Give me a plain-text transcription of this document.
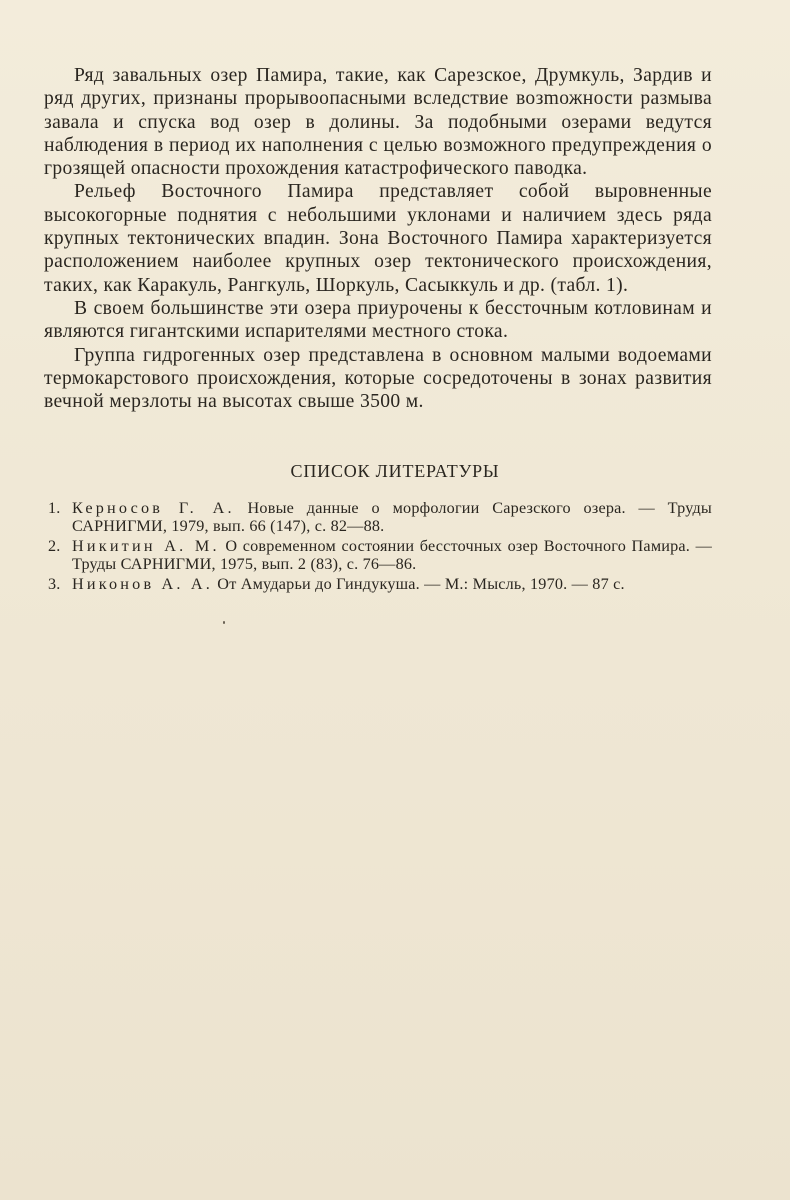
Ряд завальных озер Памира, такие, как Сарезское, Друмкуль, Зардив и ряд других, признаны прорывоопасными вследствие возmожности размыва завала и спуска вод озер в долины. За подобными озерами ведутся наблюдения в период их наполнения с целью возможного предупреждения о грозящей опасности прохождения катастрофического паводка.

Рельеф Восточного Памира представляет собой выровненные высокогорные поднятия с небольшими уклонами и наличием здесь ряда крупных тектонических впадин. Зона Восточного Памира характеризуется расположением наиболее крупных озер тектонического происхождения, таких, как Каракуль, Рангкуль, Шоркуль, Сасыккуль и др. (табл. 1).

В своем большинстве эти озера приурочены к бессточным котловинам и являются гигантскими испарителями местного стока.

Группа гидрогенных озер представлена в основном малыми водоемами термокарстового происхождения, которые сосредоточены в зонах развития вечной мерзлоты на высотах свыше 3500 м.

СПИСОК ЛИТЕРАТУРЫ
1. Керносов Г. А. Новые данные о морфологии Сарезского озера. — Труды САРНИГМИ, 1979, вып. 66 (147), с. 82—88.
2. Никитин А. М. О современном состоянии бессточных озер Восточного Памира. — Труды САРНИГМИ, 1975, вып. 2 (83), с. 76—86.
3. Никонов А. А. От Амударьи до Гиндукуша. — М.: Мысль, 1970. — 87 с.
